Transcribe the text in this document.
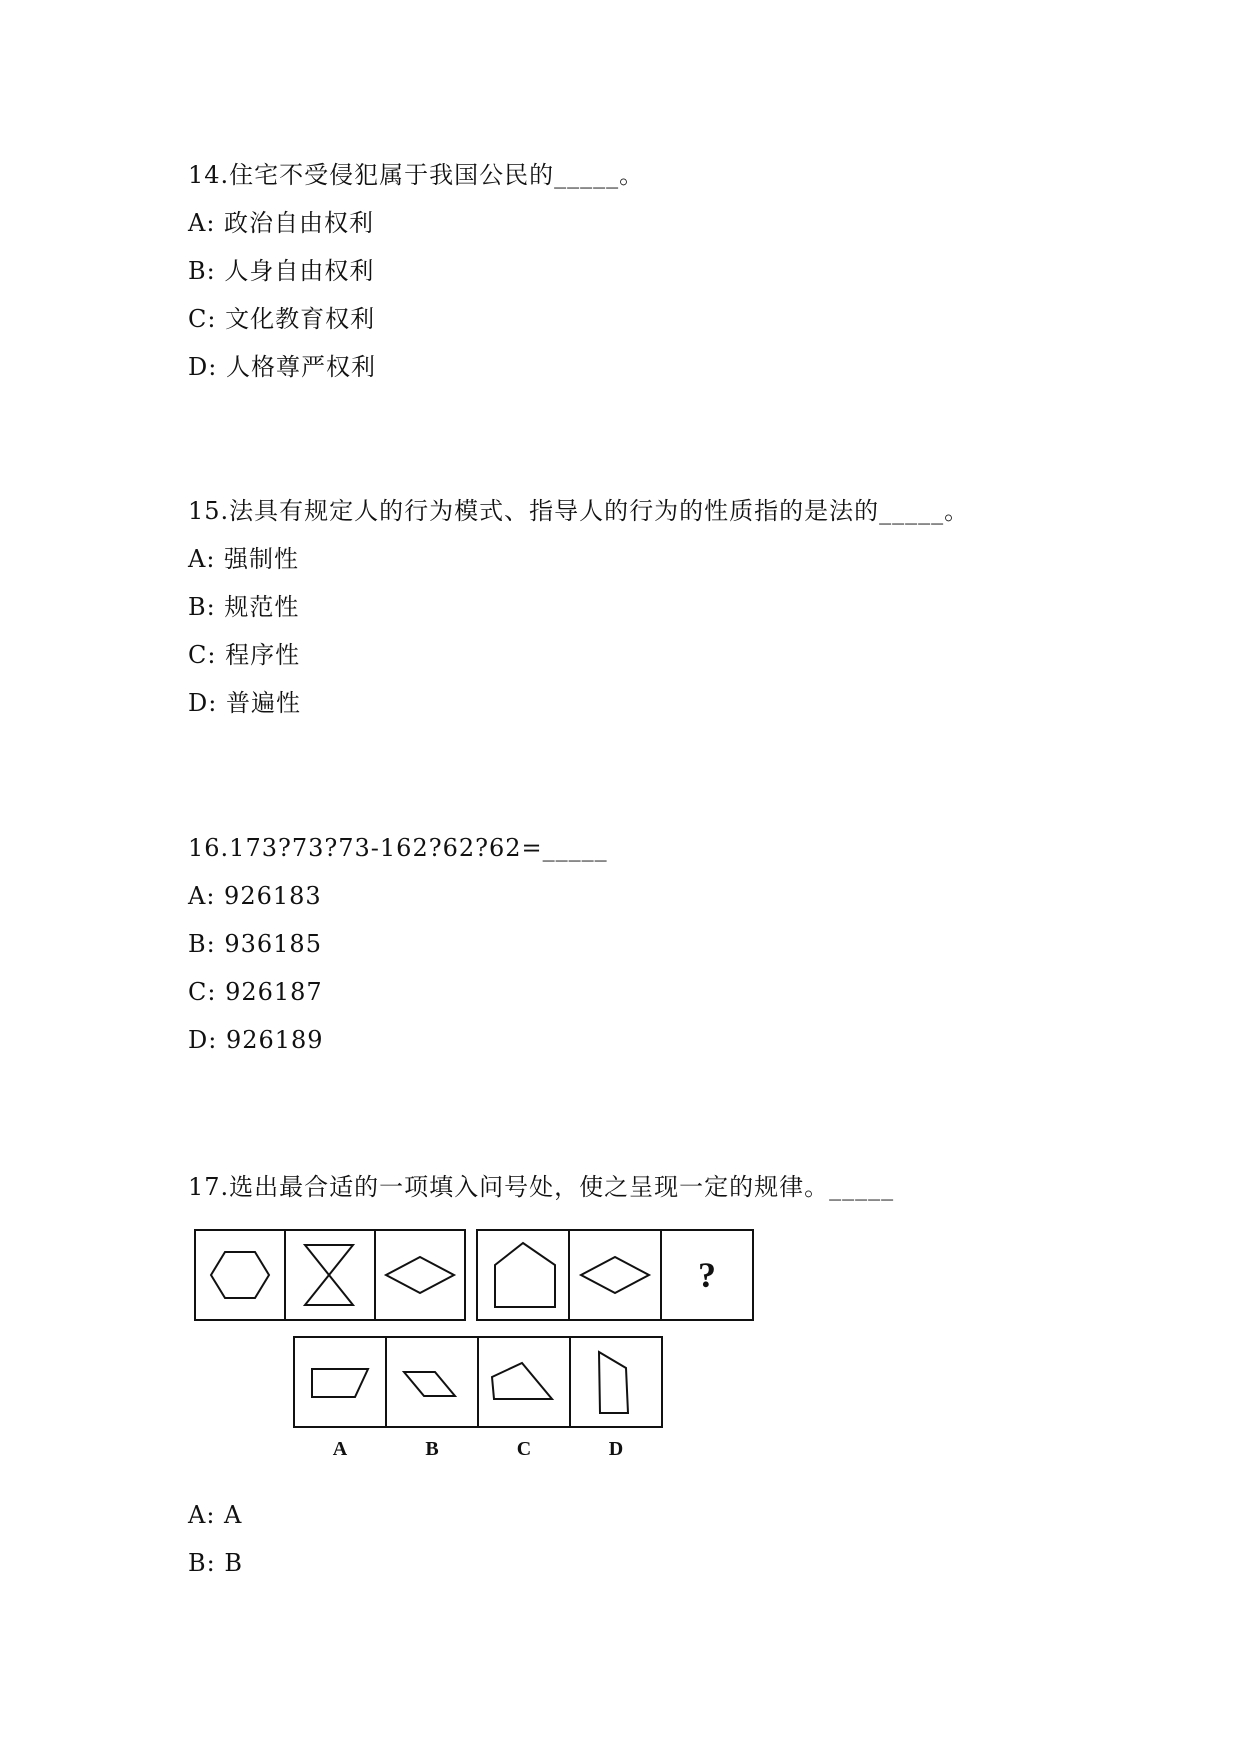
14.住宅不受侵犯属于我国公民的_____。
A: 政治自由权利
B: 人身自由权利
C: 文化教育权利
D: 人格尊严权利
15.法具有规定人的行为模式、指导人的行为的性质指的是法的_____。
A: 强制性
B: 规范性
C: 程序性
D: 普遍性
16.173?73?73-162?62?62=_____
A: 926183
B: 936185
C: 926187
D: 926189
17.选出最合适的一项填入问号处，使之呈现一定的规律。_____
?
A	B	C	D
A: A
B: B
